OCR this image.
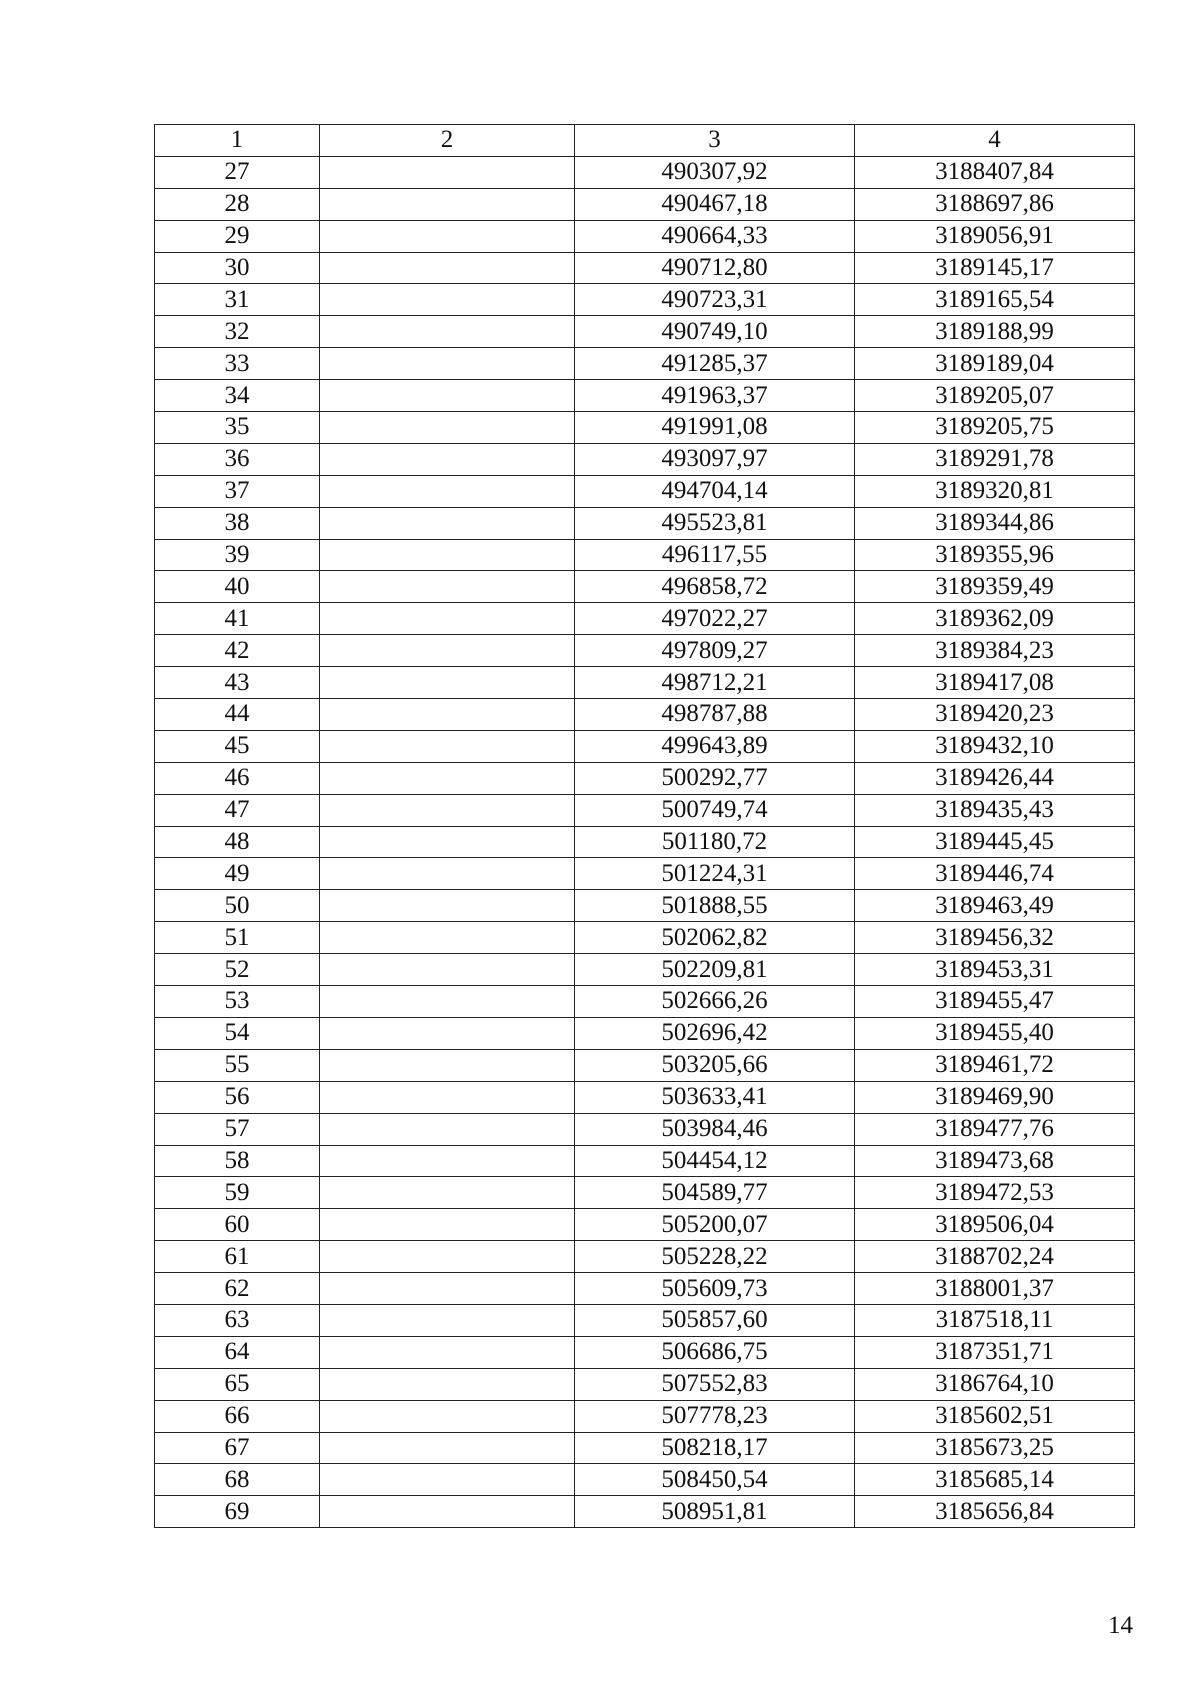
1	2	3	4
27		490307,92	3188407,84
28		490467,18	3188697,86
29		490664,33	3189056,91
30		490712,80	3189145,17
31		490723,31	3189165,54
32		490749,10	3189188,99
33		491285,37	3189189,04
34		491963,37	3189205,07
35		491991,08	3189205,75
36		493097,97	3189291,78
37		494704,14	3189320,81
38		495523,81	3189344,86
39		496117,55	3189355,96
40		496858,72	3189359,49
41		497022,27	3189362,09
42		497809,27	3189384,23
43		498712,21	3189417,08
44		498787,88	3189420,23
45		499643,89	3189432,10
46		500292,77	3189426,44
47		500749,74	3189435,43
48		501180,72	3189445,45
49		501224,31	3189446,74
50		501888,55	3189463,49
51		502062,82	3189456,32
52		502209,81	3189453,31
53		502666,26	3189455,47
54		502696,42	3189455,40
55		503205,66	3189461,72
56		503633,41	3189469,90
57		503984,46	3189477,76
58		504454,12	3189473,68
59		504589,77	3189472,53
60		505200,07	3189506,04
61		505228,22	3188702,24
62		505609,73	3188001,37
63		505857,60	3187518,11
64		506686,75	3187351,71
65		507552,83	3186764,10
66		507778,23	3185602,51
67		508218,17	3185673,25
68		508450,54	3185685,14
69		508951,81	3185656,84
14
